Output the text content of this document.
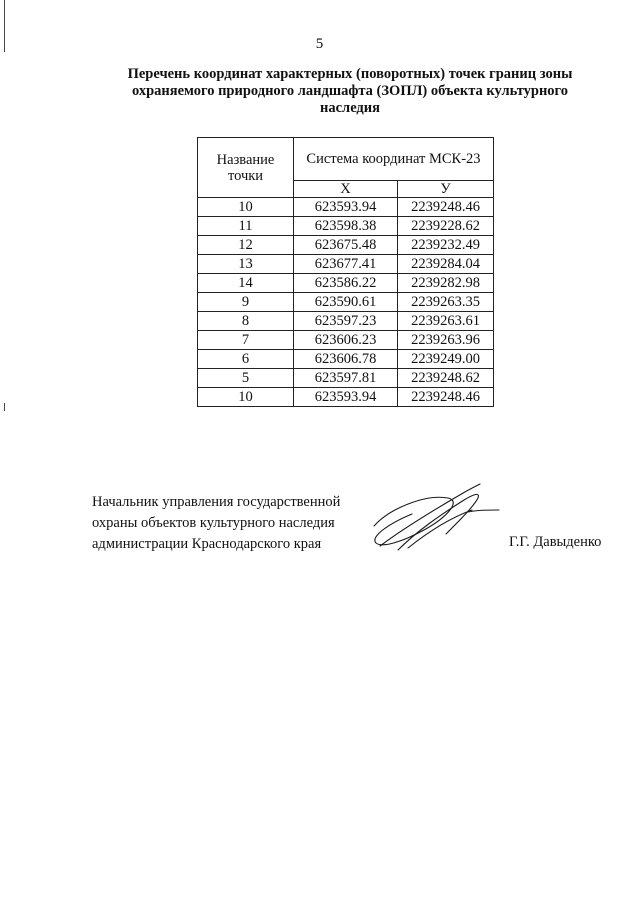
5
Перечень координат характерных (поворотных) точек границ зоны
охраняемого природного ландшафта (ЗОПЛ) объекта культурного
наследия
Название точки	Система координат МСК-23	
	X	У
10	623593.94	2239248.46
11	623598.38	2239228.62
12	623675.48	2239232.49
13	623677.41	2239284.04
14	623586.22	2239282.98
9	623590.61	2239263.35
8	623597.23	2239263.61
7	623606.23	2239263.96
6	623606.78	2239249.00
5	623597.81	2239248.62
10	623593.94	2239248.46
Начальник управления государственной
охраны объектов культурного наследия
администрации Краснодарского края	Г.Г. Давыденко
